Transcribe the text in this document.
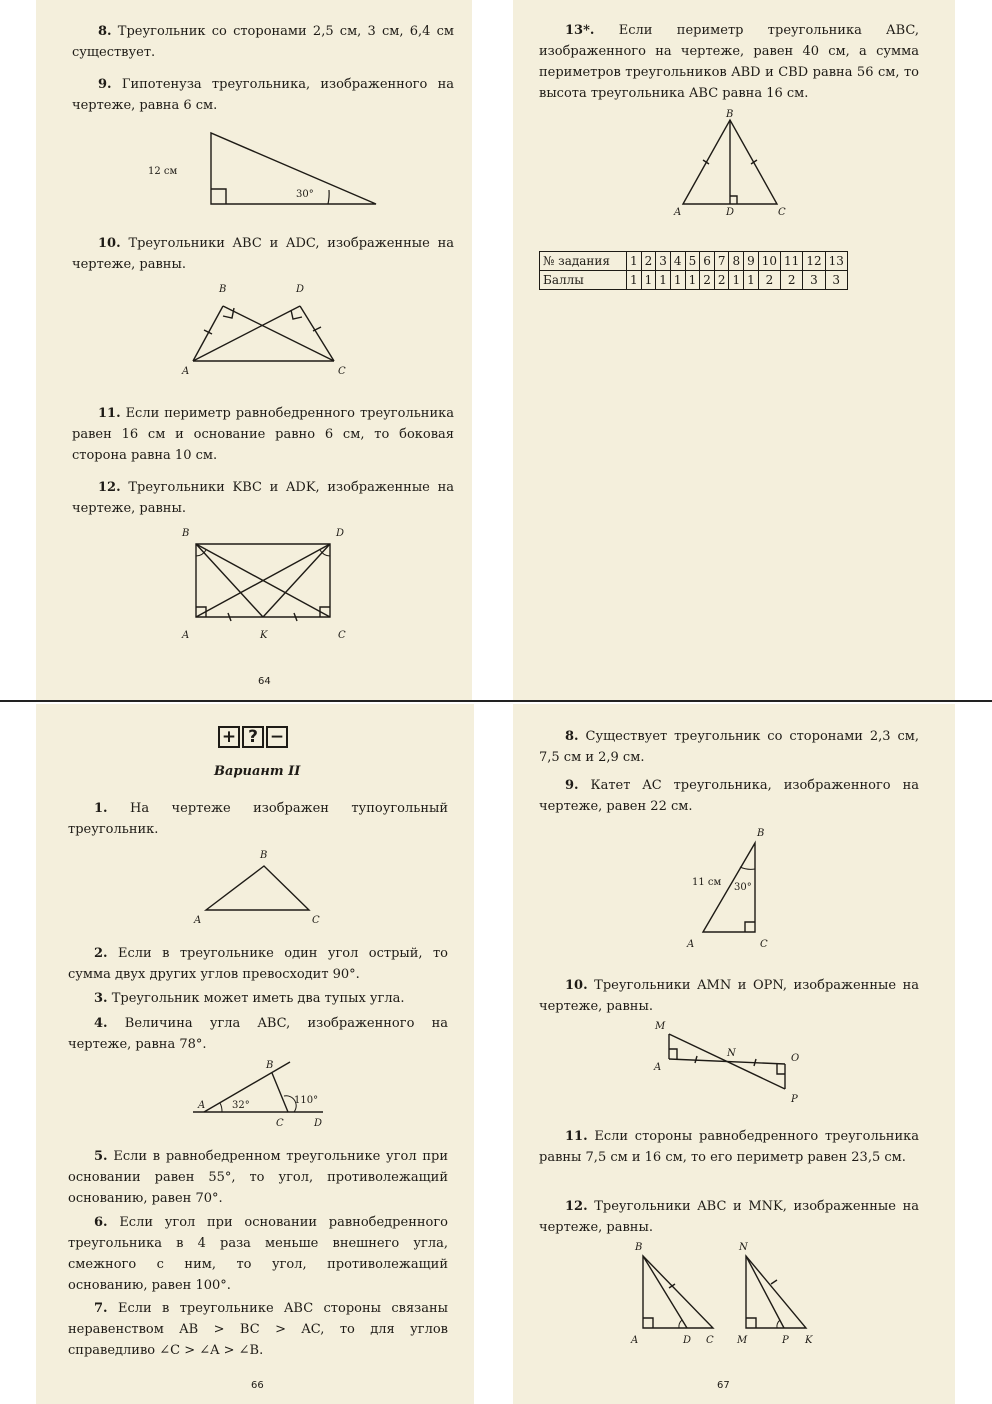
8. Треугольник со сторонами 2,5 см, 3 см, 6,4 см существует.
9. Гипотенуза треугольника, изображенного на чертеже, равна 6 см.
12 см
30°
10. Треугольники ABC и ADC, изображенные на чертеже, равны.
B	D
A	C
11. Если периметр равнобедренного треугольника равен 16 см и основание равно 6 см, то боковая сторона равна 10 см.
12. Треугольники KBC и ADK, изображенные на чертеже, равны.
B	D
A	K	C
64
13*. Если периметр треугольника ABC, изображенного на чертеже, равен 40 см, а сумма периметров треугольников ABD и CBD равна 56 см, то высота треугольника ABC равна 16 см.
B
A	D	C
№ задания	1	2	3	4	5	6	7	8	9	10	11	12	13
Баллы	1	1	1	1	1	2	2	1	1	2	2	3	3
+ ? −
Вариант II
1. На чертеже изображен тупоугольный треугольник.
B
A	C
2. Если в треугольнике один угол острый, то сумма двух других углов превосходит 90°.
3. Треугольник может иметь два тупых угла.
4. Величина угла ABC, изображенного на чертеже, равна 78°.
B
A	32°	110°
C	D
5. Если в равнобедренном треугольнике угол при основании равен 55°, то угол, противолежащий основанию, равен 70°.
6. Если угол при основании равнобедренного треугольника в 4 раза меньше внешнего угла, смежного с ним, то угол, противолежащий основанию, равен 100°.
7. Если в треугольнике ABC стороны связаны неравенством AB > BC > AC, то для углов справедливо ∠C > ∠A > ∠B.
66
8. Существует треугольник со сторонами 2,3 см, 7,5 см и 2,9 см.
9. Катет AC треугольника, изображенного на чертеже, равен 22 см.
B
A	C
11 см 30°
10. Треугольники AMN и OPN, изображенные на чертеже, равны.
M
A
N	O
P
11. Если стороны равнобедренного треугольника равны 7,5 см и 16 см, то его периметр равен 23,5 см.
12. Треугольники ABC и MNK, изображенные на чертеже, равны.
B	N
A	D C M	P K
67
